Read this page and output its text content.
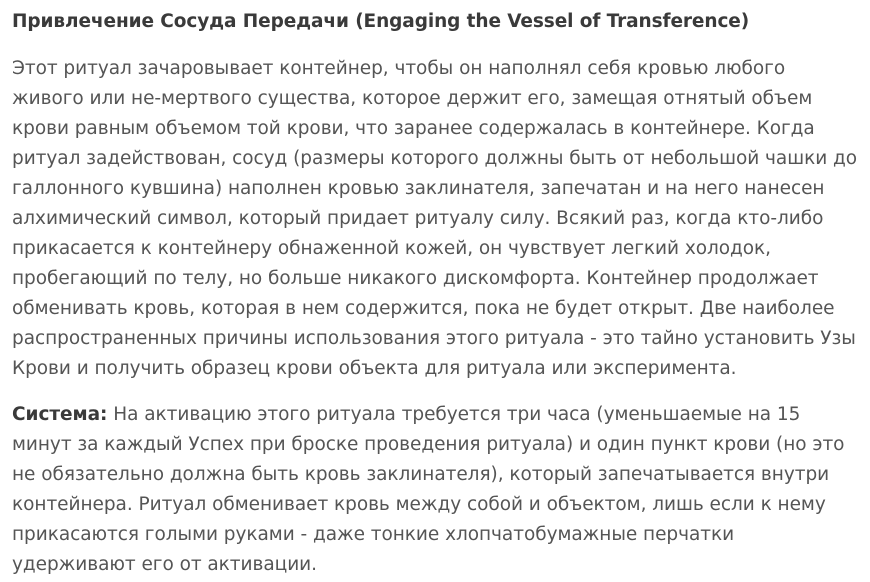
Привлечение Сосуда Передачи (Engaging the Vessel of Transference)

Этот ритуал зачаровывает контейнер, чтобы он наполнял себя кровью любого живого или не-мертвого существа, которое держит его, замещая отнятый объем крови равным объемом той крови, что заранее содержалась в контейнере. Когда ритуал задействован, сосуд (размеры которого должны быть от небольшой чашки до галлонного кувшина) наполнен кровью заклинателя, запечатан и на него нанесен алхимический символ, который придает ритуалу силу. Всякий раз, когда кто-либо прикасается к контейнеру обнаженной кожей, он чувствует легкий холодок, пробегающий по телу, но больше никакого дискомфорта. Контейнер продолжает обменивать кровь, которая в нем содержится, пока не будет открыт. Две наиболее распространенных причины использования этого ритуала - это тайно установить Узы Крови и получить образец крови объекта для ритуала или эксперимента.

Система: На активацию этого ритуала требуется три часа (уменьшаемые на 15 минут за каждый Успех при броске проведения ритуала) и один пункт крови (но это не обязательно должна быть кровь заклинателя), который запечатывается внутри контейнера. Ритуал обменивает кровь между собой и объектом, лишь если к нему прикасаются голыми руками - даже тонкие хлопчатобумажные перчатки удерживают его от активации.
